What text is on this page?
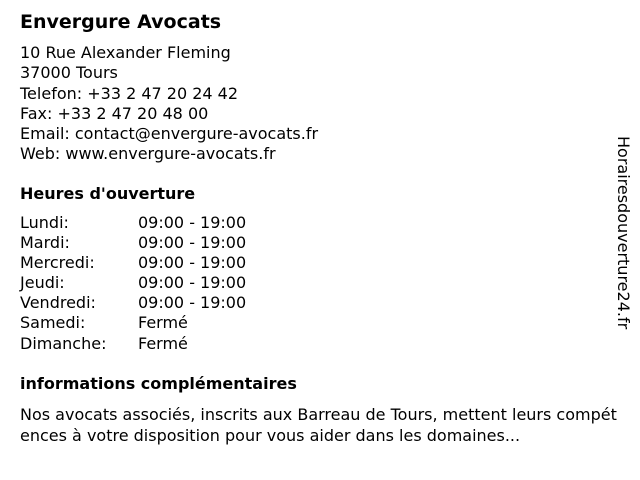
Envergure Avocats
10 Rue Alexander Fleming
37000 Tours
Telefon: +33 2 47 20 24 42
Fax: +33 2 47 20 48 00
Email: contact@envergure-avocats.fr
Web: www.envergure-avocats.fr
Heures d'ouverture
Lundi:	09:00 - 19:00
Mardi:	09:00 - 19:00
Mercredi:	09:00 - 19:00
Jeudi:	09:00 - 19:00
Vendredi:	09:00 - 19:00
Samedi:	Fermé
Dimanche:	Fermé
informations complémentaires
Nos avocats associés, inscrits aux Barreau de Tours, mettent leurs compétences à votre disposition pour vous aider dans les domaines...
Horairesdouverture24.fr
